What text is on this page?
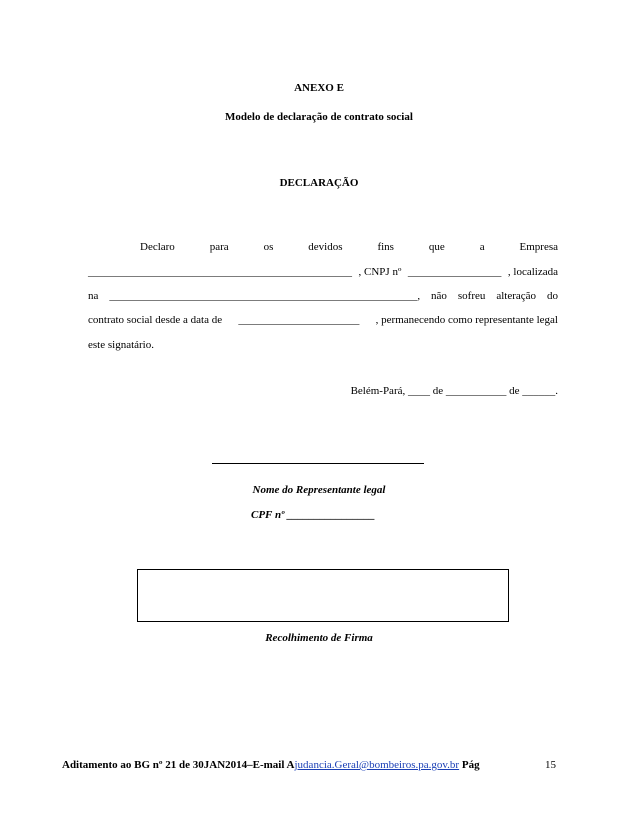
ANEXO E
Modelo de declaração de contrato social
DECLARAÇÃO
Declaro	para	os	devidos	fins	que	a	Empresa
________________________________________________ , CNPJ nº _________________ , localizada
na ________________________________________________________, não sofreu alteração do
contrato social desde a data de ______________________ , permanecendo como representante legal
este signatário.
Belém-Pará, ____ de ___________ de ______.
Nome do Representante legal
CPF nº ________________
Recolhimento de Firma
Aditamento ao BG nº 21 de 30JAN2014–E-mail Ajudancia.Geral@bombeiros.pa.gov.br Pág	15
